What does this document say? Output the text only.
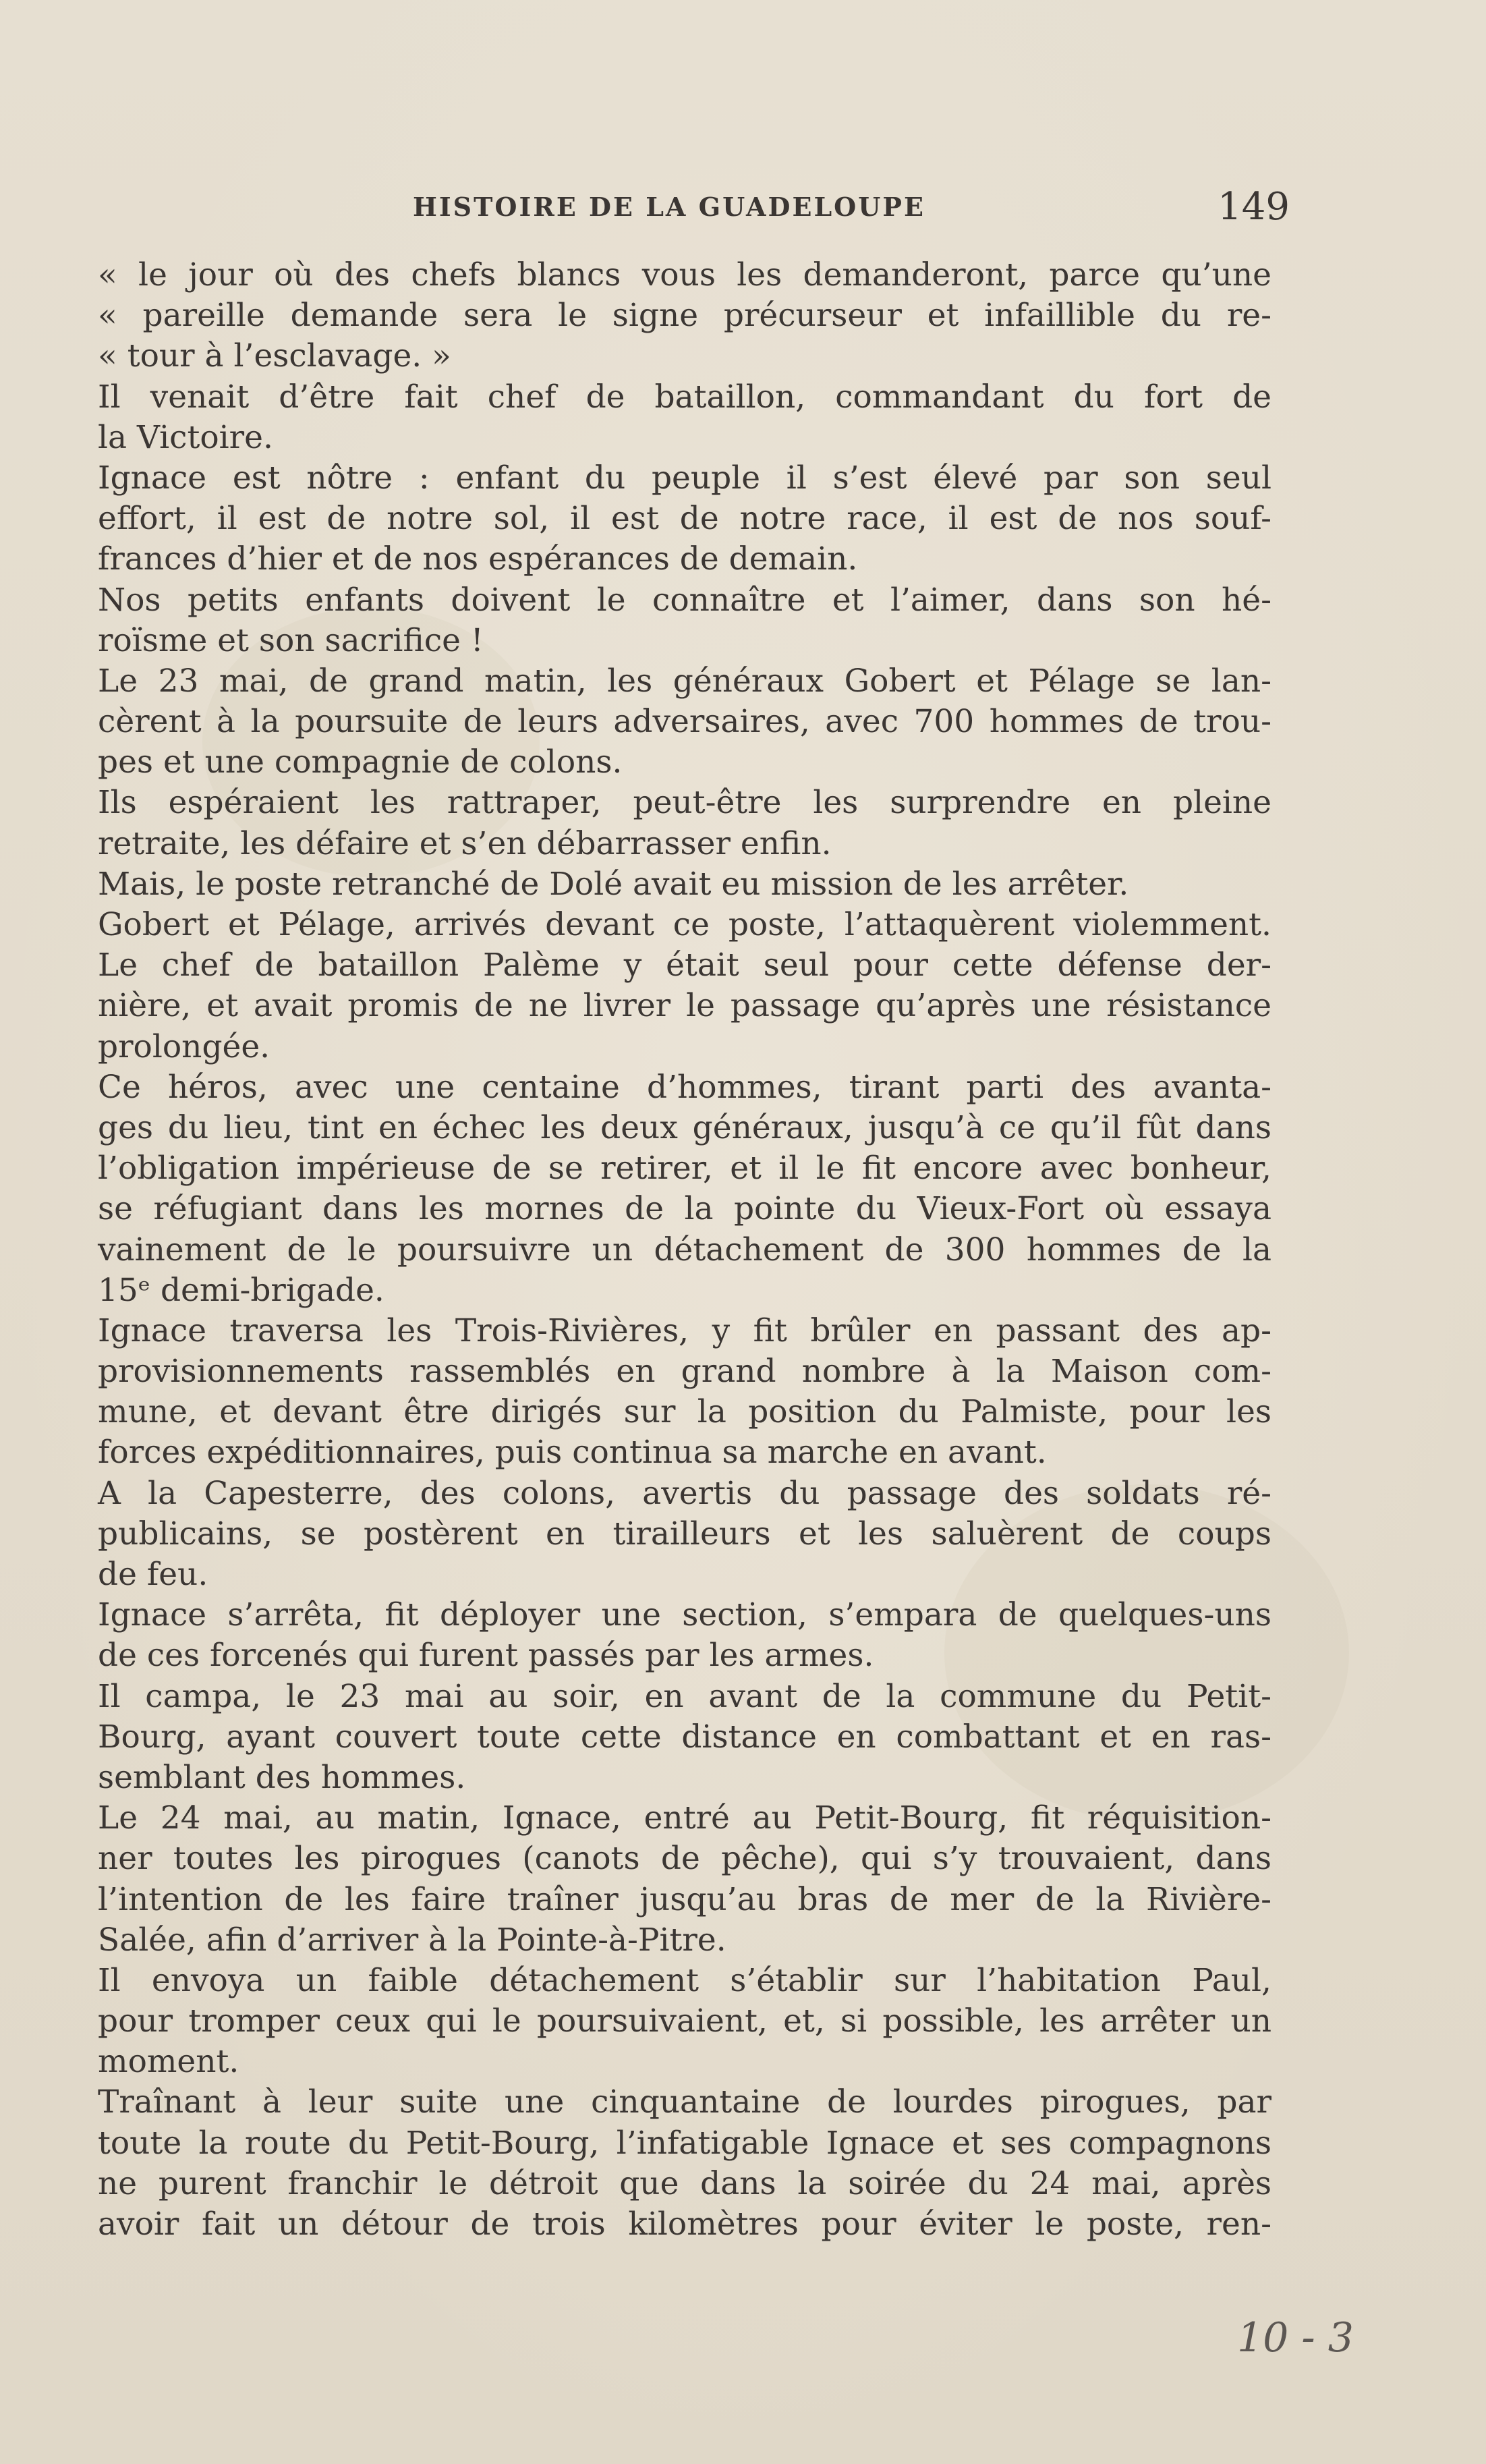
HISTOIRE DE LA GUADELOUPE	149
« le jour où des chefs blancs vous les demanderont, parce qu’une
« pareille demande sera le signe précurseur et infaillible du re-
« tour à l’esclavage. »
Il venait d’être fait chef de bataillon, commandant du fort de
la Victoire.
Ignace est nôtre : enfant du peuple il s’est élevé par son seul
effort, il est de notre sol, il est de notre race, il est de nos souf-
frances d’hier et de nos espérances de demain.
Nos petits enfants doivent le connaître et l’aimer, dans son hé-
roïsme et son sacrifice !
Le 23 mai, de grand matin, les généraux Gobert et Pélage se lan-
cèrent à la poursuite de leurs adversaires, avec 700 hommes de trou-
pes et une compagnie de colons.
Ils espéraient les rattraper, peut-être les surprendre en pleine
retraite, les défaire et s’en débarrasser enfin.
Mais, le poste retranché de Dolé avait eu mission de les arrêter.
Gobert et Pélage, arrivés devant ce poste, l’attaquèrent violemment.
Le chef de bataillon Palème y était seul pour cette défense der-
nière, et avait promis de ne livrer le passage qu’après une résistance
prolongée.
Ce héros, avec une centaine d’hommes, tirant parti des avanta-
ges du lieu, tint en échec les deux généraux, jusqu’à ce qu’il fût dans
l’obligation impérieuse de se retirer, et il le fit encore avec bonheur,
se réfugiant dans les mornes de la pointe du Vieux-Fort où essaya
vainement de le poursuivre un détachement de 300 hommes de la
15ᵉ demi-brigade.
Ignace traversa les Trois-Rivières, y fit brûler en passant des ap-
provisionnements rassemblés en grand nombre à la Maison com-
mune, et devant être dirigés sur la position du Palmiste, pour les
forces expéditionnaires, puis continua sa marche en avant.
A la Capesterre, des colons, avertis du passage des soldats ré-
publicains, se postèrent en tirailleurs et les saluèrent de coups
de feu.
Ignace s’arrêta, fit déployer une section, s’empara de quelques-uns
de ces forcenés qui furent passés par les armes.
Il campa, le 23 mai au soir, en avant de la commune du Petit-
Bourg, ayant couvert toute cette distance en combattant et en ras-
semblant des hommes.
Le 24 mai, au matin, Ignace, entré au Petit-Bourg, fit réquisition-
ner toutes les pirogues (canots de pêche), qui s’y trouvaient, dans
l’intention de les faire traîner jusqu’au bras de mer de la Rivière-
Salée, afin d’arriver à la Pointe-à-Pitre.
Il envoya un faible détachement s’établir sur l’habitation Paul,
pour tromper ceux qui le poursuivaient, et, si possible, les arrêter un
moment.
Traînant à leur suite une cinquantaine de lourdes pirogues, par
toute la route du Petit-Bourg, l’infatigable Ignace et ses compagnons
ne purent franchir le détroit que dans la soirée du 24 mai, après
avoir fait un détour de trois kilomètres pour éviter le poste, ren-
10 - 3
